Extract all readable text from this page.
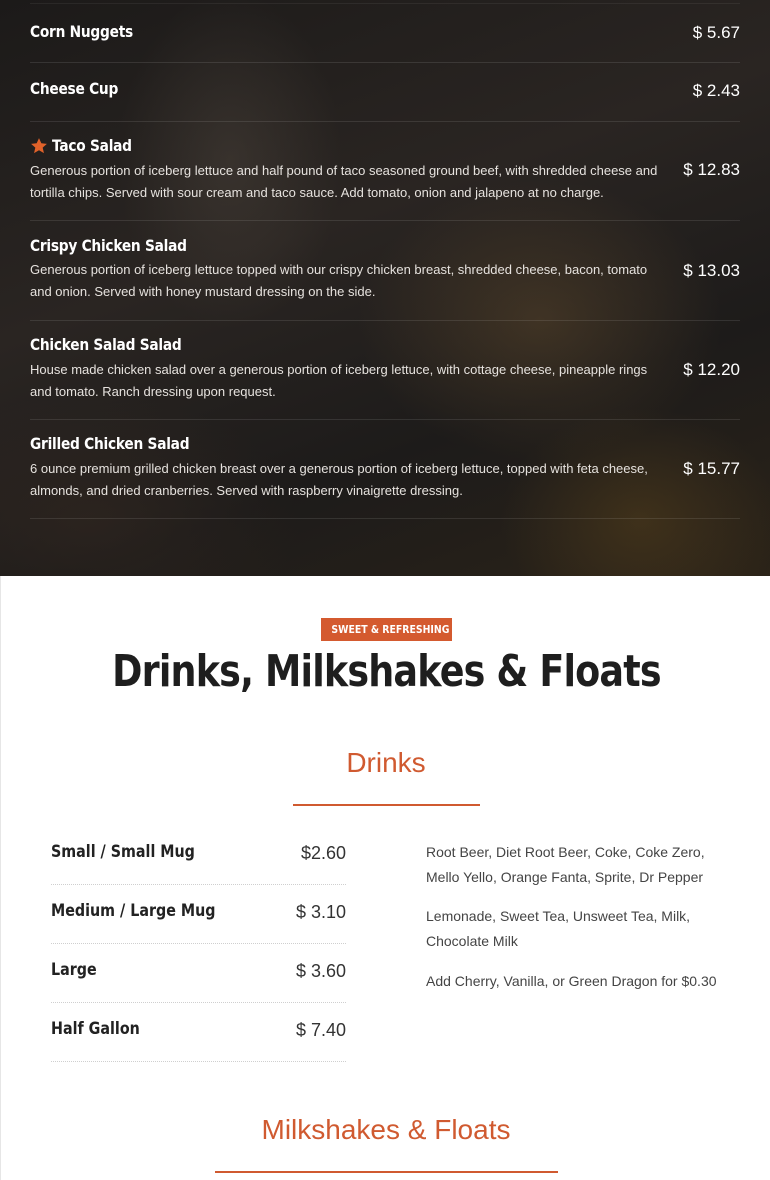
Corn Nuggets	$ 5.67
Cheese Cup	$ 2.43
Taco Salad
$ 12.83
Generous portion of iceberg lettuce and half pound of taco seasoned ground beef, with shredded cheese and tortilla chips. Served with sour cream and taco sauce. Add tomato, onion and jalapeno at no charge.
Crispy Chicken Salad
$ 13.03
Generous portion of iceberg lettuce topped with our crispy chicken breast, shredded cheese, bacon, tomato and onion. Served with honey mustard dressing on the side.
Chicken Salad Salad
$ 12.20
House made chicken salad over a generous portion of iceberg lettuce, with cottage cheese, pineapple rings and tomato. Ranch dressing upon request.
Grilled Chicken Salad
$ 15.77
6 ounce premium grilled chicken breast over a generous portion of iceberg lettuce, topped with feta cheese, almonds, and dried cranberries. Served with raspberry vinaigrette dressing.
SWEET & REFRESHING
Drinks, Milkshakes & Floats
Drinks
Small / Small Mug	$2.60
Medium / Large Mug	$ 3.10
Large	$ 3.60
Half Gallon	$ 7.40
Root Beer, Diet Root Beer, Coke, Coke Zero, Mello Yello, Orange Fanta, Sprite, Dr Pepper
Lemonade, Sweet Tea, Unsweet Tea, Milk, Chocolate Milk
Add Cherry, Vanilla, or Green Dragon for $0.30
Milkshakes & Floats
